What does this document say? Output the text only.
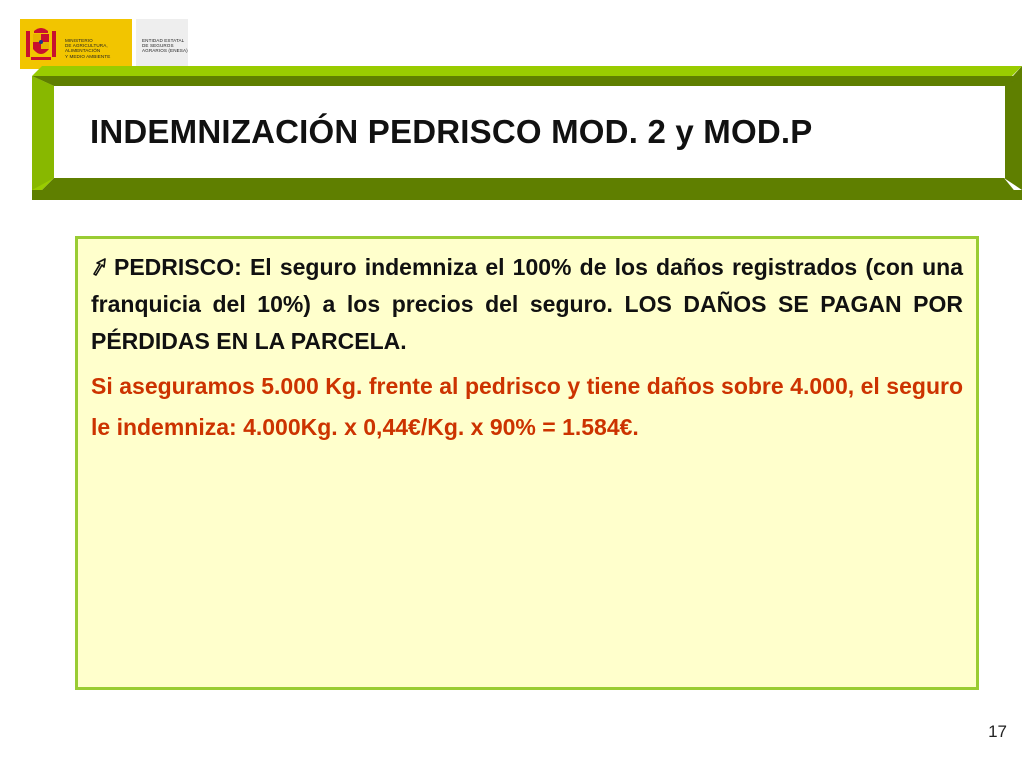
MINISTERIO
DE AGRICULTURA, ALIMENTACIÓN
Y MEDIO AMBIENTE
ENTIDAD ESTATAL
DE SEGUROS
AGRARIOS (ENESA)
INDEMNIZACIÓN PEDRISCO MOD. 2 y MOD.P

PEDRISCO: El seguro indemniza el 100% de los daños registrados (con una franquicia del 10%) a los precios del seguro. LOS DAÑOS SE PAGAN POR PÉRDIDAS EN LA PARCELA.

Si aseguramos 5.000 Kg. frente al pedrisco y tiene daños sobre 4.000, el seguro le indemniza: 4.000Kg. x 0,44€/Kg. x 90% = 1.584€.

17
